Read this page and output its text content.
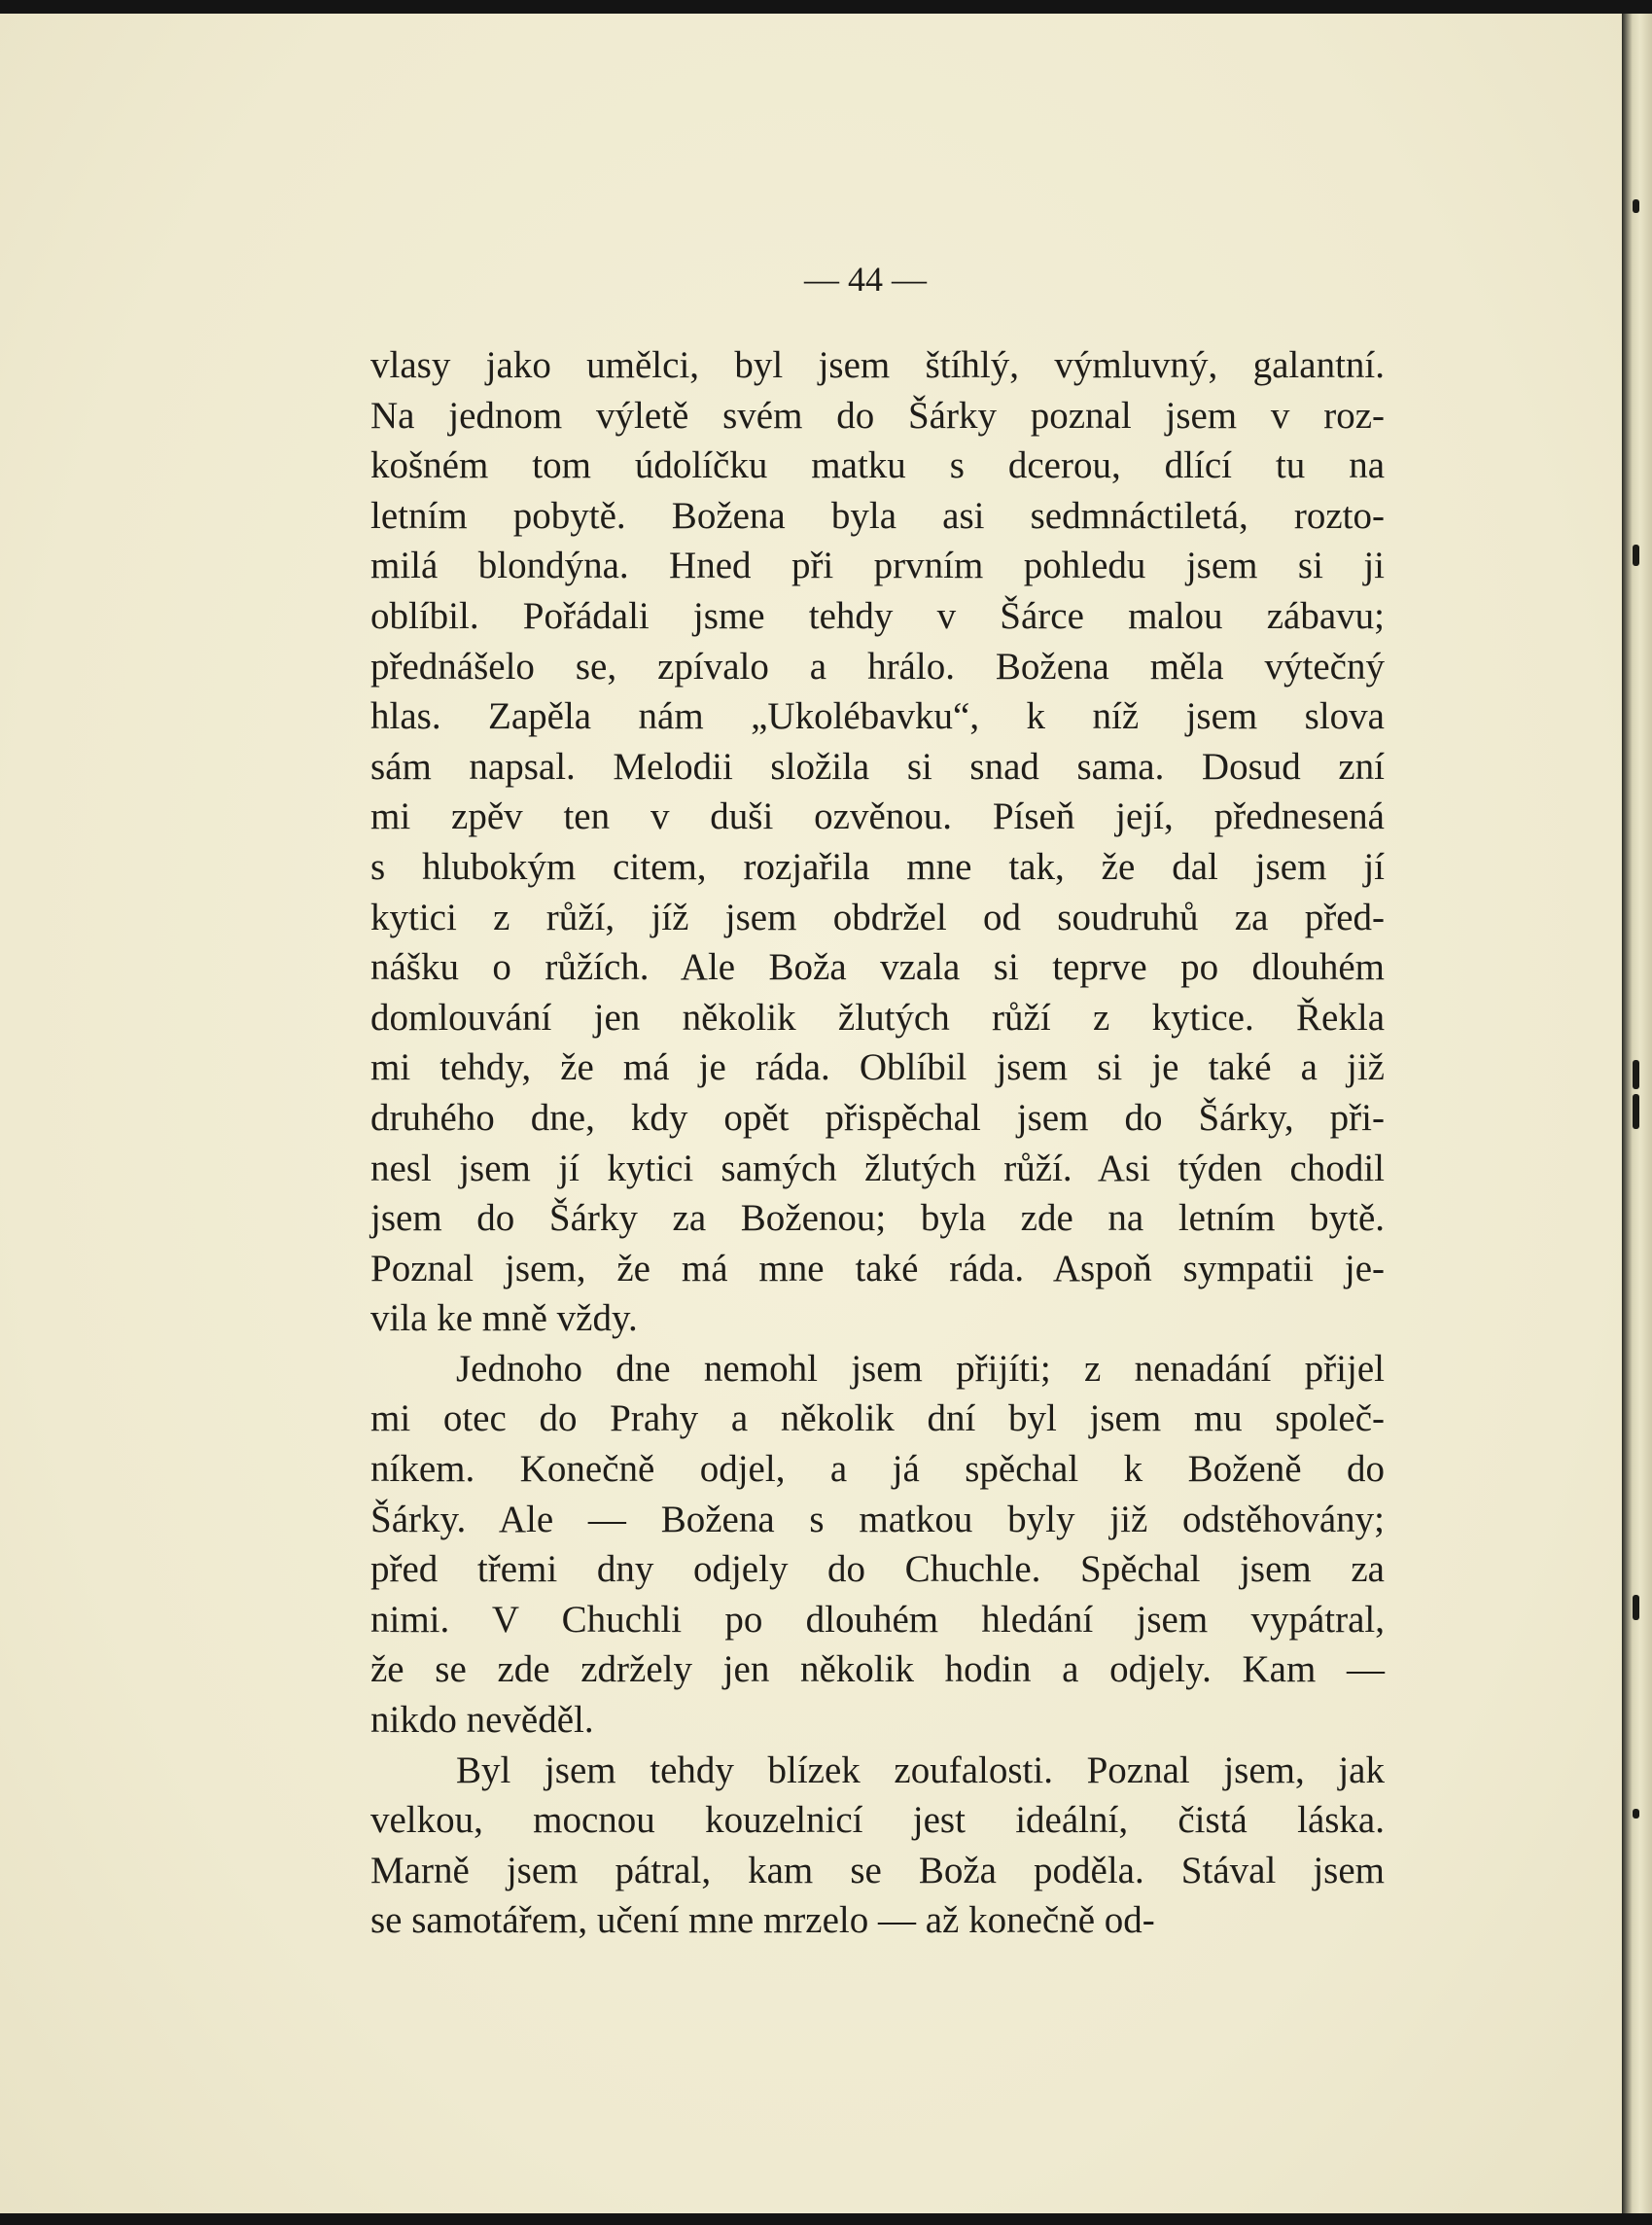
— 44 —
vlasy jako umělci, byl jsem štíhlý, výmluvný, galantní.
Na jednom výletě svém do Šárky poznal jsem v roz-
košném tom údolíčku matku s dcerou, dlící tu na
letním pobytě. Božena byla asi sedmnáctiletá, rozto-
milá blondýna. Hned při prvním pohledu jsem si ji
oblíbil. Pořádali jsme tehdy v Šárce malou zábavu;
přednášelo se, zpívalo a hrálo. Božena měla výtečný
hlas. Zapěla nám „Ukolébavku“, k níž jsem slova
sám napsal. Melodii složila si snad sama. Dosud zní
mi zpěv ten v duši ozvěnou. Píseň její, přednesená
s hlubokým citem, rozjařila mne tak, že dal jsem jí
kytici z růží, jíž jsem obdržel od soudruhů za před-
nášku o růžích. Ale Boža vzala si teprve po dlouhém
domlouvání jen několik žlutých růží z kytice. Řekla
mi tehdy, že má je ráda. Oblíbil jsem si je také a již
druhého dne, kdy opět přispěchal jsem do Šárky, při-
nesl jsem jí kytici samých žlutých růží. Asi týden chodil
jsem do Šárky za Boženou; byla zde na letním bytě.
Poznal jsem, že má mne také ráda. Aspoň sympatii je-
vila ke mně vždy.
Jednoho dne nemohl jsem přijíti; z nenadání přijel
mi otec do Prahy a několik dní byl jsem mu společ-
níkem. Konečně odjel, a já spěchal k Boženě do
Šárky. Ale — Božena s matkou byly již odstěhovány;
před třemi dny odjely do Chuchle. Spěchal jsem za
nimi. V Chuchli po dlouhém hledání jsem vypátral,
že se zde zdržely jen několik hodin a odjely. Kam —
nikdo nevěděl.
Byl jsem tehdy blízek zoufalosti. Poznal jsem, jak
velkou, mocnou kouzelnicí jest ideální, čistá láska.
Marně jsem pátral, kam se Boža poděla. Stával jsem
se samotářem, učení mne mrzelo — až konečně od-
